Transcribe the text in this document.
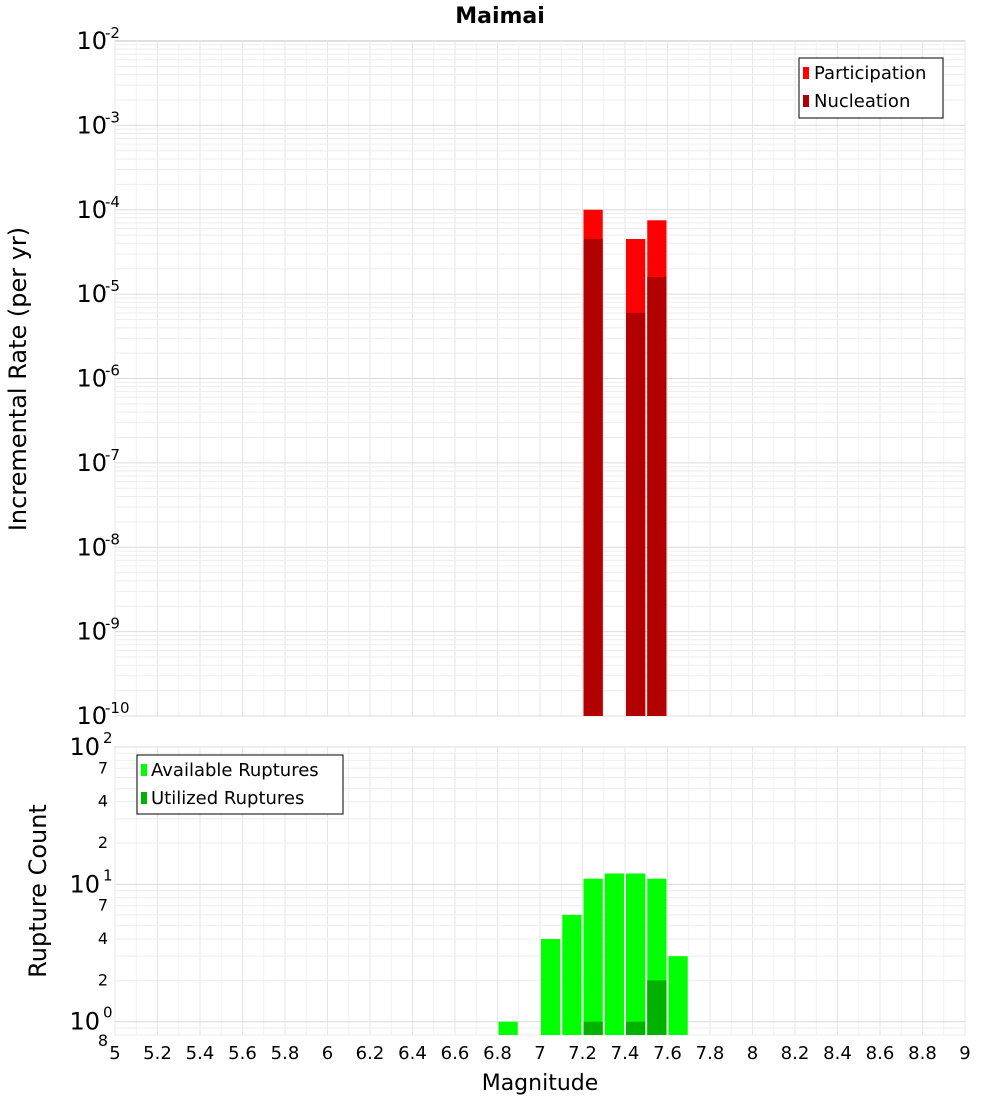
Maimai
10
-2
10
-3
10
-4
10
-5
10
-6
10
-7
10
-8
10
-9
10
-10
Incremental Rate (per yr)
Participation
Nucleation
7
4
2
7
4
2
8
10 2
10 1
10 0
Rupture Count
Available Ruptures
Utilized Ruptures
5 5.2 5.4 5.6 5.8 6 6.2 6.4 6.6 6.8 7 7.2 7.4 7.6 7.8 8 8.2 8.4 8.6 8.8 9
Magnitude
